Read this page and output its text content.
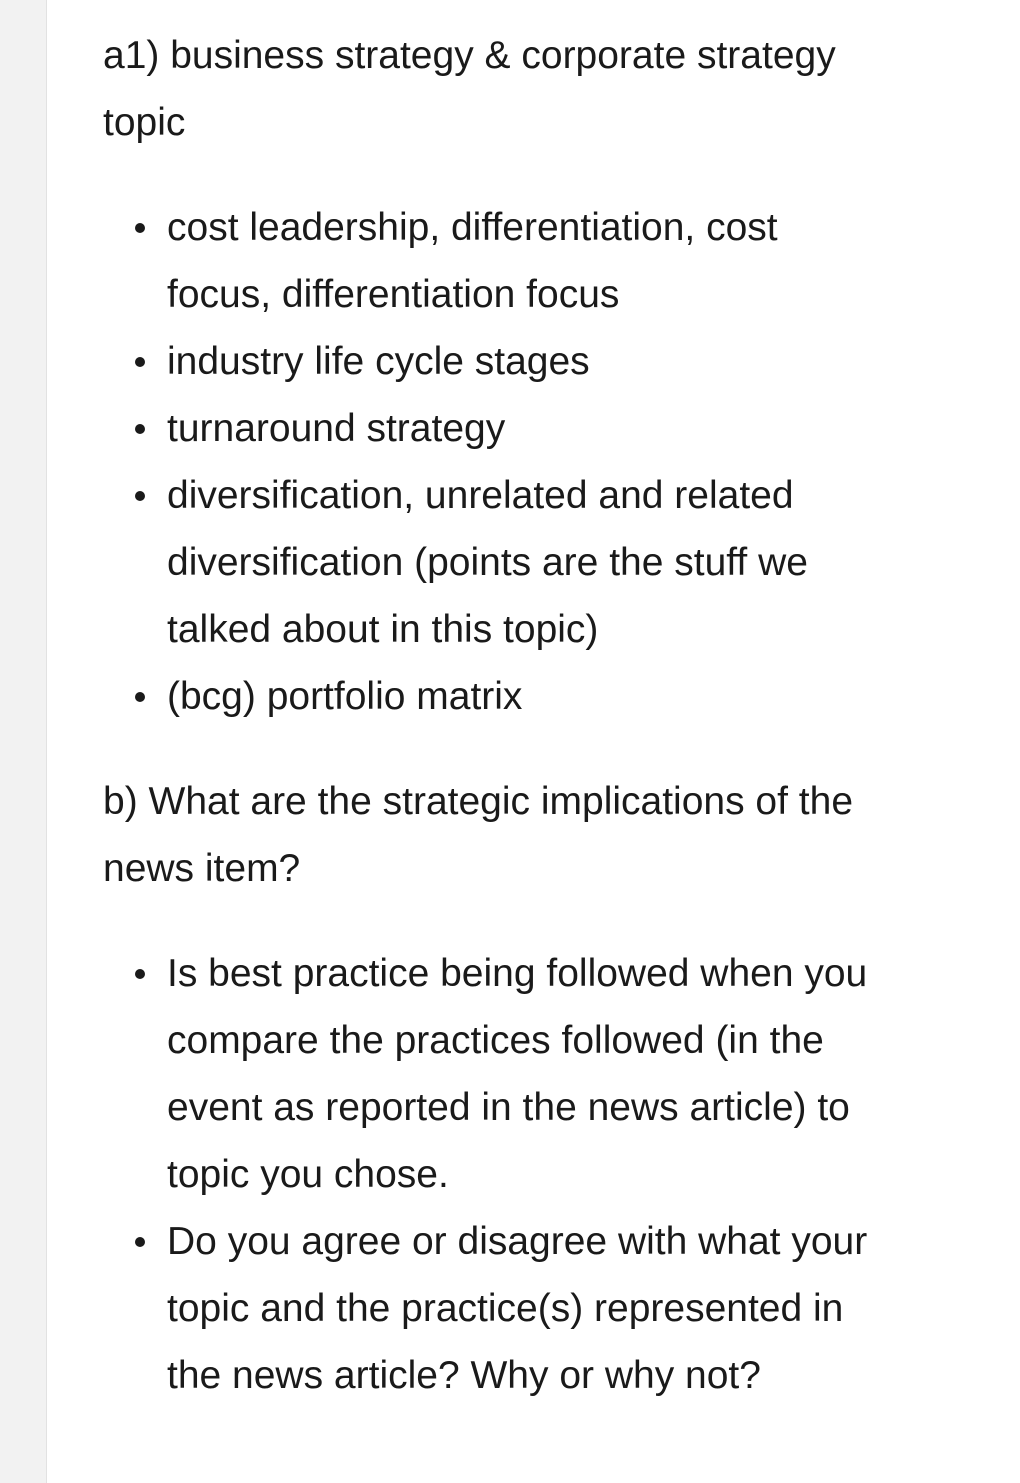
a1) business strategy & corporate strategy topic

cost leadership, differentiation, cost focus, differentiation focus
industry life cycle stages
turnaround strategy
diversification, unrelated and related diversification (points are the stuff we talked about in this topic)
(bcg) portfolio matrix

b) What are the strategic implications of the news item?

Is best practice being followed when you compare the practices followed (in the event as reported in the news article) to topic you chose.
Do you agree or disagree with what your topic and the practice(s) represented in the news article? Why or why not?
